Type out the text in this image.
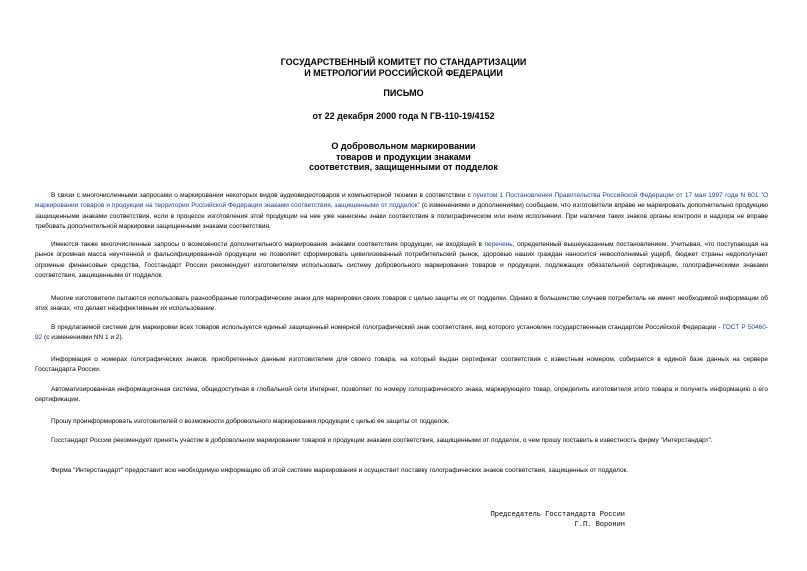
ГОСУДАРСТВЕННЫЙ КОМИТЕТ ПО СТАНДАРТИЗАЦИИ
И МЕТРОЛОГИИ РОССИЙСКОЙ ФЕДЕРАЦИИ
ПИСЬМО
от 22 декабря 2000 года N ГВ-110-19/4152
О добровольном маркировании
товаров и продукции знаками
соответствия, защищенными от подделок

В связи с многочисленными запросами о маркировании некоторых видов аудиовидеотоваров и компьютерной техники в соответствии с пунктом 1 Постановления Правительства Российской Федерации от 17 мая 1997 года N 601 "О маркировании товаров и продукции на территории Российской Федерации знаками соответствия, защищенными от подделок" (с изменениями и дополнениями) сообщаем, что изготовители вправе не маркировать дополнительно продукцию защищенными знаками соответствия, если в процессе изготовления этой продукции на нее уже нанесены знаки соответствия в полиграфическом или ином исполнении. При наличии таких знаков органы контроля и надзора не вправе требовать дополнительной маркировки защищенными знаками соответствия.

Имеются также многочисленные запросы о возможности дополнительного маркирования знаками соответствия продукции, не входящей в перечень, определенный вышеуказанным постановлением. Учитывая, что поступающая на рынок огромная масса неучтенной и фальсифицированной продукции не позволяет сформировать цивилизованный потребительский рынок, здоровью наших граждан наносится невосполнимый ущерб, бюджет страны недополучает огромные финансовые средства, Госстандарт России рекомендует изготовителям использовать систему добровольного маркирования товаров и продукции, подлежащих обязательной сертификации, голографическими знаками соответствия, защищенными от подделок.

Многие изготовители пытаются использовать разнообразные голографические знаки для маркировки своих товаров с целью защиты их от подделки. Однако в большинстве случаев потребитель не имеет необходимой информации об этих знаках, что делает неэффективным их использование.

В предлагаемой системе для маркировки всех товаров используется единый защищенный номерной голографический знак соответствия, вид которого установлен государственным стандартом Российской Федерации - ГОСТ Р 50460-92 (с изменениями NN 1 и 2).

Информация о номерах голографических знаков, приобретенных данным изготовителем для своего товара, на который выдан сертификат соответствия с известным номером, собирается в единой базе данных на сервере Госстандарта России.

Автоматизированная информационная система, общедоступная в глобальной сети Интернет, позволяет по номеру голографического знака, маркирующего товар, определить изготовителя этого товара и получить информацию о его сертификации.

Прошу проинформировать изготовителей о возможности добровольного маркирования продукции с целью ее защиты от подделок.

Госстандарт России рекомендует принять участие в добровольном маркировании товаров и продукции знаками соответствия, защищенными от подделок, о чем прошу поставить в известность фирму "Интерстандарт".

Фирма "Интерстандарт" предоставит всю необходимую информацию об этой системе маркирования и осуществит поставку голографических знаков соответствия, защищенных от подделок.

Председатель Госстандарта России
Г.П. Воронин
